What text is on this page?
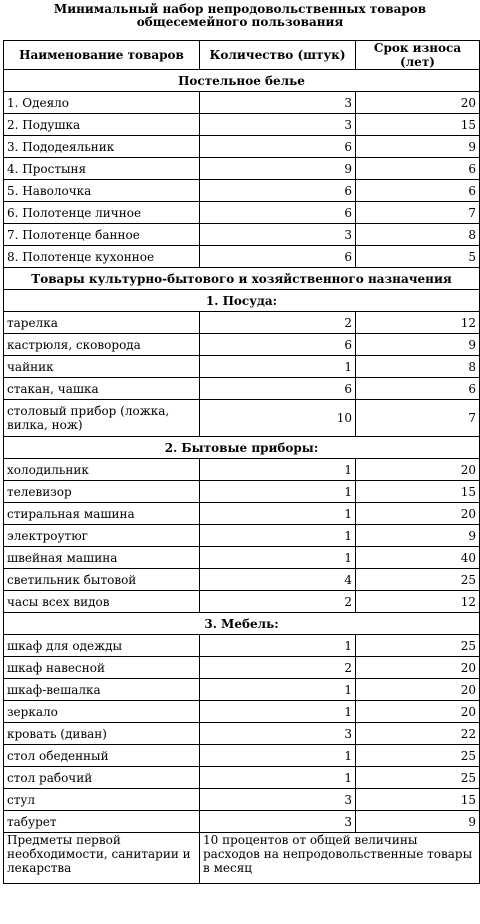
Минимальный набор непродовольственных товаров общесемейного пользования
Наименование товаров	Количество (штук)	Срок износа (лет)
Постельное белье		
1. Одеяло	3	20
2. Подушка	3	15
3. Пододеяльник	6	9
4. Простыня	9	6
5. Наволочка	6	6
6. Полотенце личное	6	7
7. Полотенце банное	3	8
8. Полотенце кухонное	6	5
Товары культурно-бытового и хозяйственного назначения		
1. Посуда:		
тарелка	2	12
кастрюля, сковорода	6	9
чайник	1	8
стакан, чашка	6	6
столовый прибор (ложка, вилка, нож)	10	7
2. Бытовые приборы:		
холодильник	1	20
телевизор	1	15
стиральная машина	1	20
электроутюг	1	9
швейная машина	1	40
светильник бытовой	4	25
часы всех видов	2	12
3. Мебель:		
шкаф для одежды	1	25
шкаф навесной	2	20
шкаф-вешалка	1	20
зеркало	1	20
кровать (диван)	3	22
стол обеденный	1	25
стол рабочий	1	25
стул	3	15
табурет	3	9
Предметы первой необходимости, санитарии и лекарства	10 процентов от общей величины расходов на непродовольственные товары в месяц	
